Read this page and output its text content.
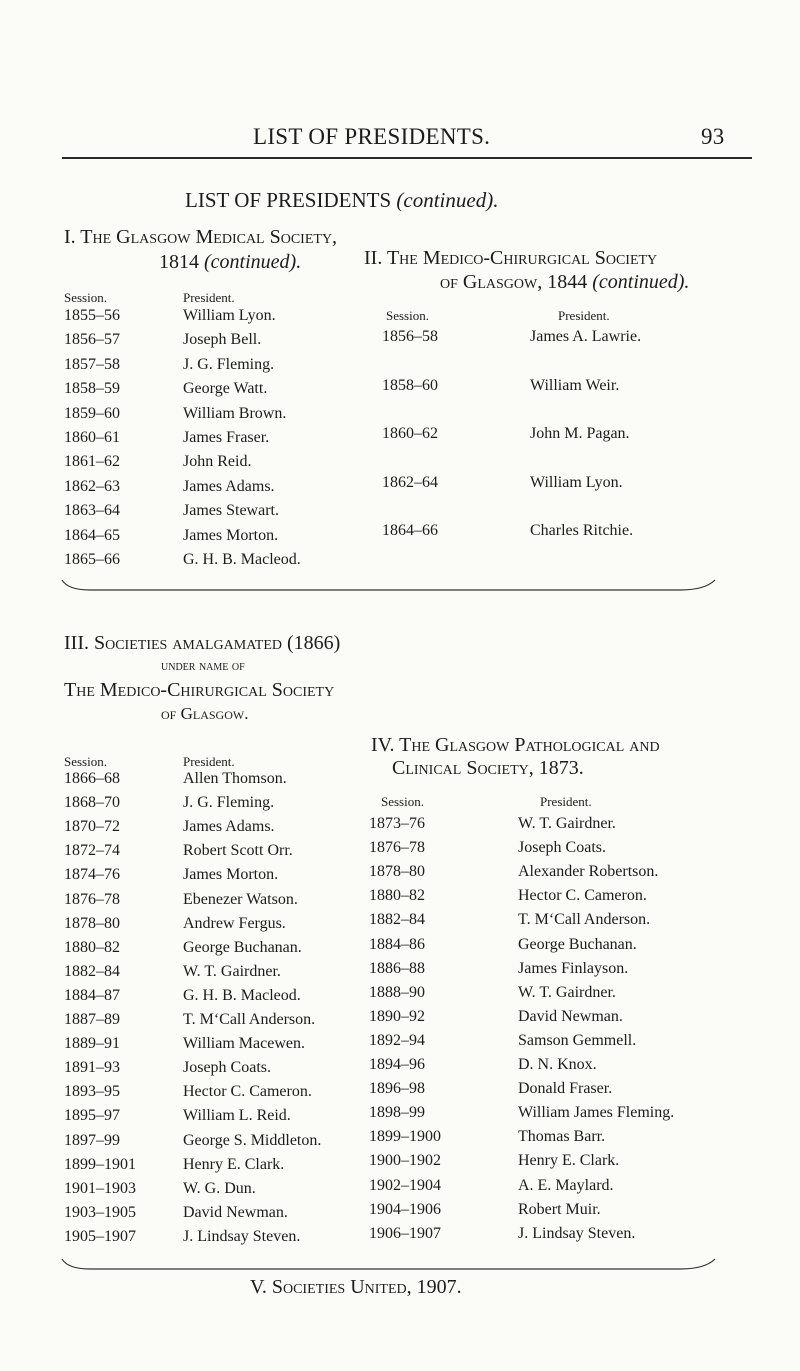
LIST OF PRESIDENTS.	93
LIST OF PRESIDENTS (continued).
I. The Glasgow Medical Society,
1814 (continued).
Session.	President.
1855–56	William Lyon.
1856–57	Joseph Bell.
1857–58	J. G. Fleming.
1858–59	George Watt.
1859–60	William Brown.
1860–61	James Fraser.
1861–62	John Reid.
1862–63	James Adams.
1863–64	James Stewart.
1864–65	James Morton.
1865–66	G. H. B. Macleod.
II. The Medico-Chirurgical Society
of Glasgow, 1844 (continued).
Session.	President.
1856–58	James A. Lawrie.
1858–60	William Weir.
1860–62	John M. Pagan.
1862–64	William Lyon.
1864–66	Charles Ritchie.
III. Societies amalgamated (1866)
under name of
The Medico-Chirurgical Society
of Glasgow.
Session.	President.
1866–68	Allen Thomson.
1868–70	J. G. Fleming.
1870–72	James Adams.
1872–74	Robert Scott Orr.
1874–76	James Morton.
1876–78	Ebenezer Watson.
1878–80	Andrew Fergus.
1880–82	George Buchanan.
1882–84	W. T. Gairdner.
1884–87	G. H. B. Macleod.
1887–89	T. M‘Call Anderson.
1889–91	William Macewen.
1891–93	Joseph Coats.
1893–95	Hector C. Cameron.
1895–97	William L. Reid.
1897–99	George S. Middleton.
1899–1901	Henry E. Clark.
1901–1903	W. G. Dun.
1903–1905	David Newman.
1905–1907	J. Lindsay Steven.
IV. The Glasgow Pathological and
Clinical Society, 1873.
Session.	President.
1873–76	W. T. Gairdner.
1876–78	Joseph Coats.
1878–80	Alexander Robertson.
1880–82	Hector C. Cameron.
1882–84	T. M‘Call Anderson.
1884–86	George Buchanan.
1886–88	James Finlayson.
1888–90	W. T. Gairdner.
1890–92	David Newman.
1892–94	Samson Gemmell.
1894–96	D. N. Knox.
1896–98	Donald Fraser.
1898–99	William James Fleming.
1899–1900	Thomas Barr.
1900–1902	Henry E. Clark.
1902–1904	A. E. Maylard.
1904–1906	Robert Muir.
1906–1907	J. Lindsay Steven.
V. Societies United, 1907.
